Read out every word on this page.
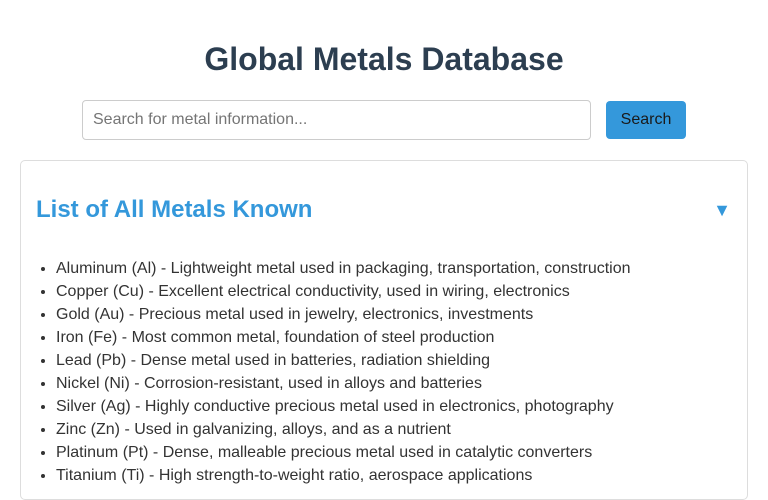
Global Metals Database
Search for metal information...
Search
List of All Metals Known	▼
• Aluminum (Al) - Lightweight metal used in packaging, transportation, construction
• Copper (Cu) - Excellent electrical conductivity, used in wiring, electronics
• Gold (Au) - Precious metal used in jewelry, electronics, investments
• Iron (Fe) - Most common metal, foundation of steel production
• Lead (Pb) - Dense metal used in batteries, radiation shielding
• Nickel (Ni) - Corrosion-resistant, used in alloys and batteries
• Silver (Ag) - Highly conductive precious metal used in electronics, photography
• Zinc (Zn) - Used in galvanizing, alloys, and as a nutrient
• Platinum (Pt) - Dense, malleable precious metal used in catalytic converters
• Titanium (Ti) - High strength-to-weight ratio, aerospace applications
